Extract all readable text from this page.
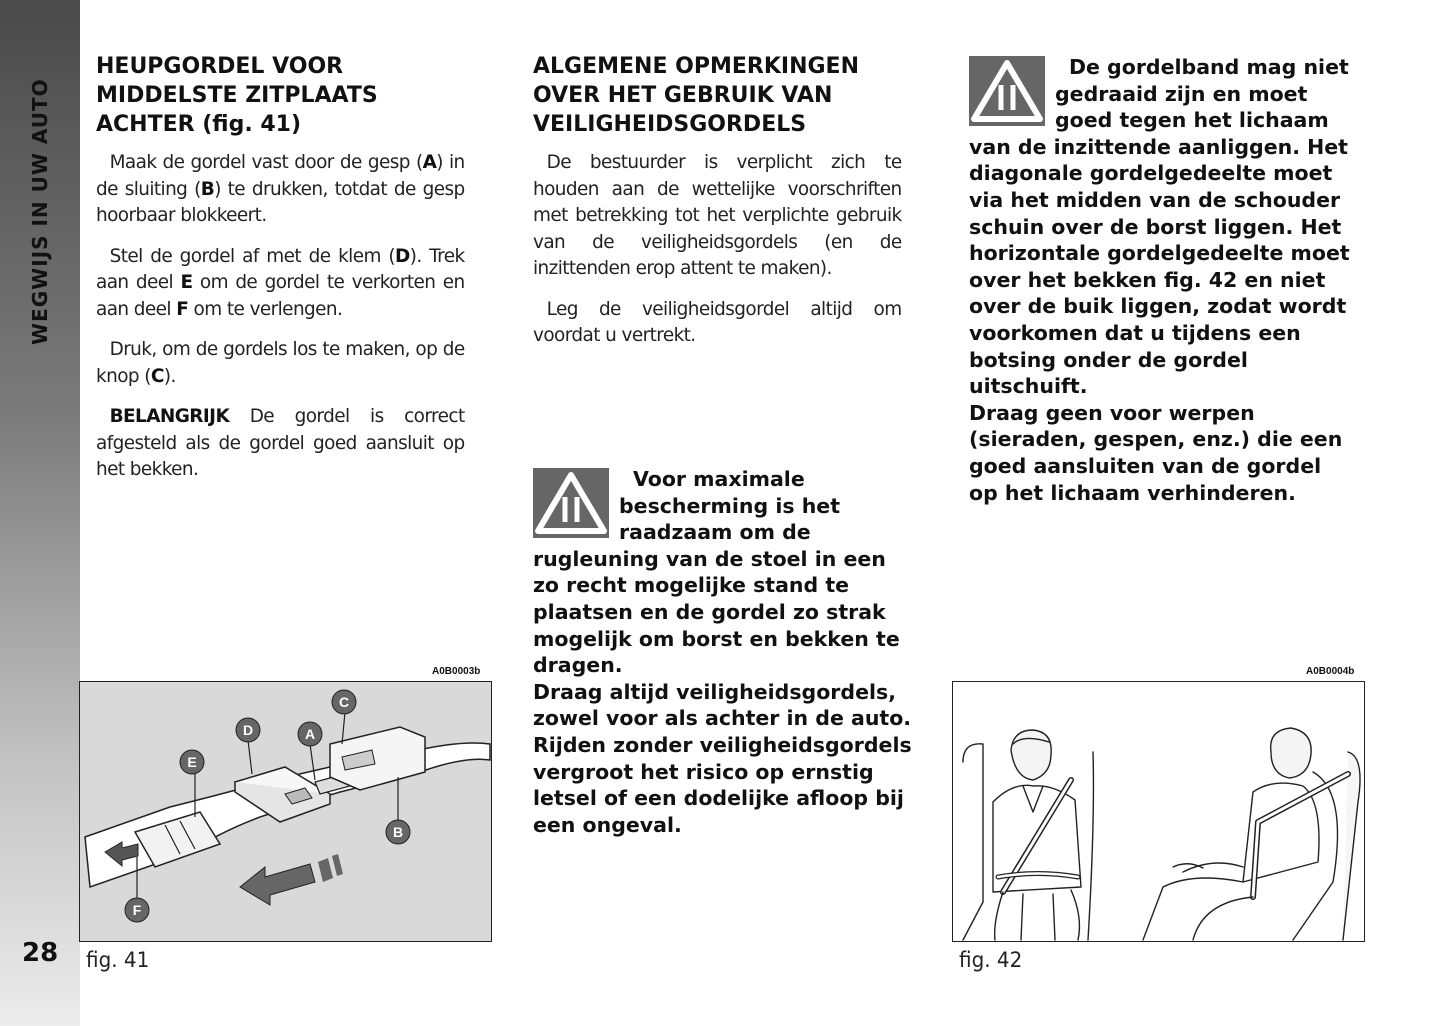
WEGWIJS IN UW AUTO
28
HEUPGORDEL VOOR
MIDDELSTE ZITPLAATS
ACHTER (fig. 41)

Maak de gordel vast door de gesp (A) in de sluiting (B) te drukken, totdat de gesp hoorbaar blokkeert.

Stel de gordel af met de klem (D). Trek aan deel E om de gordel te verkorten en aan deel F om te verlengen.

Druk, om de gordels los te maken, op de knop (C).

BELANGRIJK De gordel is correct afgesteld als de gordel goed aansluit op het bekken.

ALGEMENE OPMERKINGEN
OVER HET GEBRUIK VAN
VEILIGHEIDSGORDELS

De bestuurder is verplicht zich te houden aan de wettelijke voorschriften met betrekking tot het verplichte gebruik van de veiligheidsgordels (en de inzittenden erop attent te maken).

Leg de veiligheidsgordel altijd om voordat u vertrekt.

Voor maximale bescherming is het raadzaam om de rugleuning van de stoel in een zo recht mogelijke stand te plaatsen en de gordel zo strak mogelijk om borst en bekken te dragen.
Draag altijd veiligheidsgordels, zowel voor als achter in de auto. Rijden zonder veiligheidsgordels vergroot het risico op ernstig letsel of een dodelijke afloop bij een ongeval.
De gordelband mag niet gedraaid zijn en moet goed tegen het lichaam van de inzittende aanliggen. Het diagonale gordelgedeelte moet via het midden van de schouder schuin over de borst liggen. Het horizontale gordelgedeelte moet over het bekken fig. 42 en niet over de buik liggen, zodat wordt voorkomen dat u tijdens een botsing onder de gordel uitschuift.
Draag geen voor werpen (sieraden, gespen, enz.) die een goed aansluiten van de gordel op het lichaam verhinderen.
A0B0003b
E
D	A
C
B
F
fig. 41
A0B0004b
fig. 42
